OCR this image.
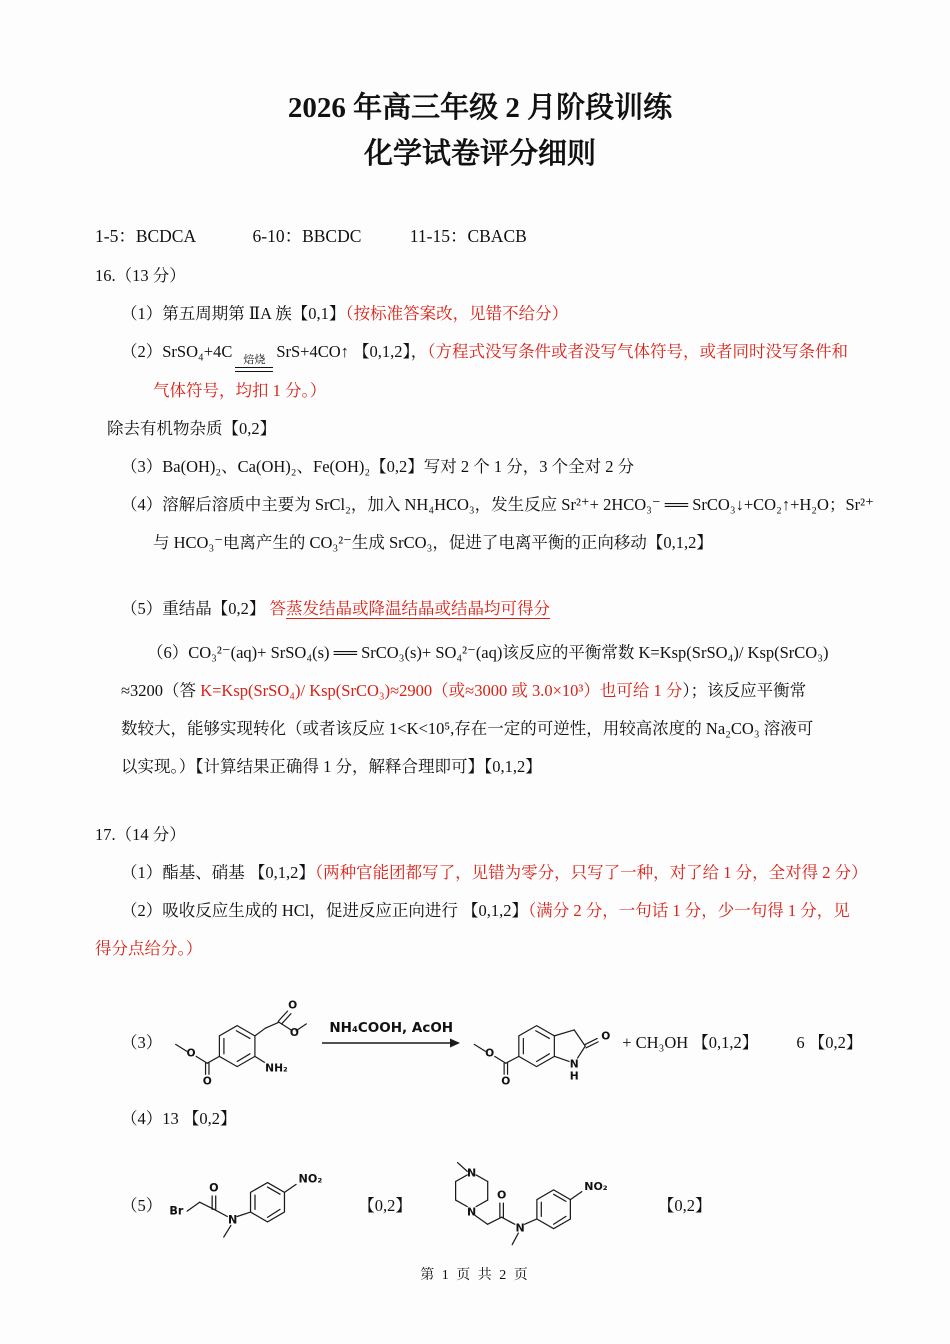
2026 年高三年级 2 月阶段训练
化学试卷评分细则
1-5：BCDCA	6-10：BBCDC	11-15：CBACB
16.（13 分）
（1）第五周期第 ⅡA 族【0,1】（按标准答案改，见错不给分）
（2）SrSO₄+4C 焙烧 SrS+4CO↑ 【0,1,2】，（方程式没写条件或者没写气体符号，或者同时没写条件和
气体符号，均扣 1 分。）
除去有机物杂质【0,2】
（3）Ba(OH)₂、Ca(OH)₂、Fe(OH)₂【0,2】写对 2 个 1 分，3 个全对 2 分
（4）溶解后溶质中主要为 SrCl₂，加入 NH₄HCO₃，发生反应 Sr²⁺+ 2HCO₃⁻ ══ SrCO₃↓+CO₂↑+H₂O；Sr²⁺
与 HCO₃⁻电离产生的 CO₃²⁻生成 SrCO₃，促进了电离平衡的正向移动【0,1,2】
（5）重结晶【0,2】 答蒸发结晶或降温结晶或结晶均可得分
（6）CO₃²⁻(aq)+ SrSO₄(s) ══ SrCO₃(s)+ SO₄²⁻(aq)该反应的平衡常数 K=Ksp(SrSO₄)/ Ksp(SrCO₃)
≈3200（答 K=Ksp(SrSO₄)/ Ksp(SrCO₃)≈2900（或≈3000 或 3.0×10³）也可给 1 分）；该反应平衡常
数较大，能够实现转化（或者该反应 1<K<10⁵,存在一定的可逆性，用较高浓度的 Na₂CO₃ 溶液可
以实现。）【计算结果正确得 1 分，解释合理即可】【0,1,2】
17.（14 分）
（1）酯基、硝基 【0,1,2】（两种官能团都写了，见错为零分，只写了一种，对了给 1 分，全对得 2 分）
（2）吸收反应生成的 HCl，促进反应正向进行 【0,1,2】（满分 2 分，一句话 1 分，少一句得 1 分，见
得分点给分。）
（3）
O
O
O
O
NH₂
NH₄COOH, AcOH	O
N
H
O
O
+ CH₃OH 【0,1,2】 6 【0,2】
（4）13 【0,2】
（5） Br
O
N
NO₂
【0,2】
N
N
O
N
NO₂
【0,2】
第 1 页 共 2 页
